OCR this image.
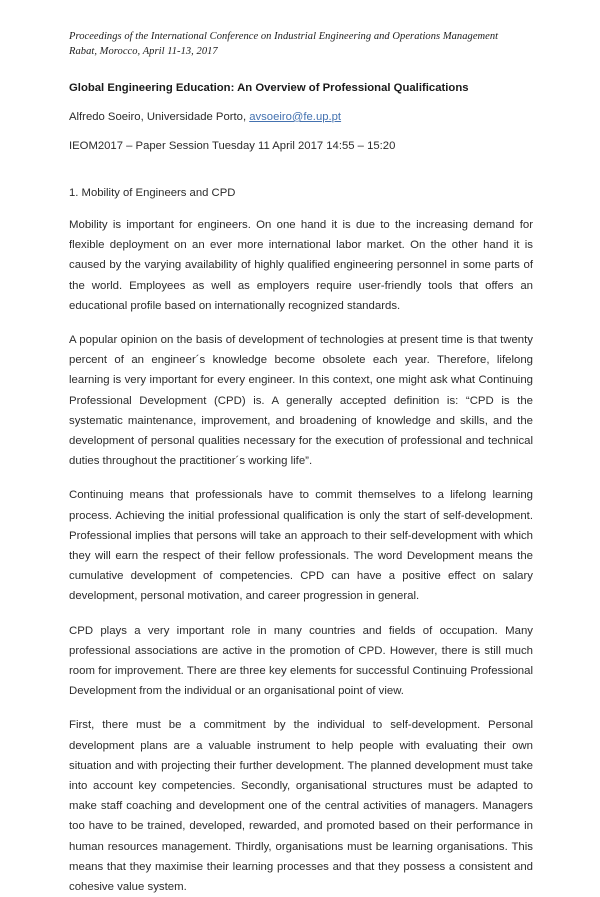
Proceedings of the International Conference on Industrial Engineering and Operations Management
Rabat, Morocco, April 11-13, 2017
Global Engineering Education: An Overview of Professional Qualifications

Alfredo Soeiro, Universidade Porto, avsoeiro@fe.up.pt

IEOM2017 – Paper Session Tuesday 11 April 2017 14:55 – 15:20

1. Mobility of Engineers and CPD

Mobility is important for engineers. On one hand it is due to the increasing demand for flexible deployment on an ever more international labor market. On the other hand it is caused by the varying availability of highly qualified engineering personnel in some parts of the world. Employees as well as employers require user-friendly tools that offers an educational profile based on internationally recognized standards.

A popular opinion on the basis of development of technologies at present time is that twenty percent of an engineer´s knowledge become obsolete each year. Therefore, lifelong learning is very important for every engineer. In this context, one might ask what Continuing Professional Development (CPD) is. A generally accepted definition is: “CPD is the systematic maintenance, improvement, and broadening of knowledge and skills, and the development of personal qualities necessary for the execution of professional and technical duties throughout the practitioner´s working life”.

Continuing means that professionals have to commit themselves to a lifelong learning process. Achieving the initial professional qualification is only the start of self-development. Professional implies that persons will take an approach to their self-development with which they will earn the respect of their fellow professionals. The word Development means the cumulative development of competencies. CPD can have a positive effect on salary development, personal motivation, and career progression in general.

CPD plays a very important role in many countries and fields of occupation. Many professional associations are active in the promotion of CPD. However, there is still much room for improvement. There are three key elements for successful Continuing Professional Development from the individual or an organisational point of view.

First, there must be a commitment by the individual to self-development. Personal development plans are a valuable instrument to help people with evaluating their own situation and with projecting their further development. The planned development must take into account key competencies. Secondly, organisational structures must be adapted to make staff coaching and development one of the central activities of managers. Managers too have to be trained, developed, rewarded, and promoted based on their performance in human resources management. Thirdly, organisations must be learning organisations. This means that they maximise their learning processes and that they possess a consistent and cohesive value system.
